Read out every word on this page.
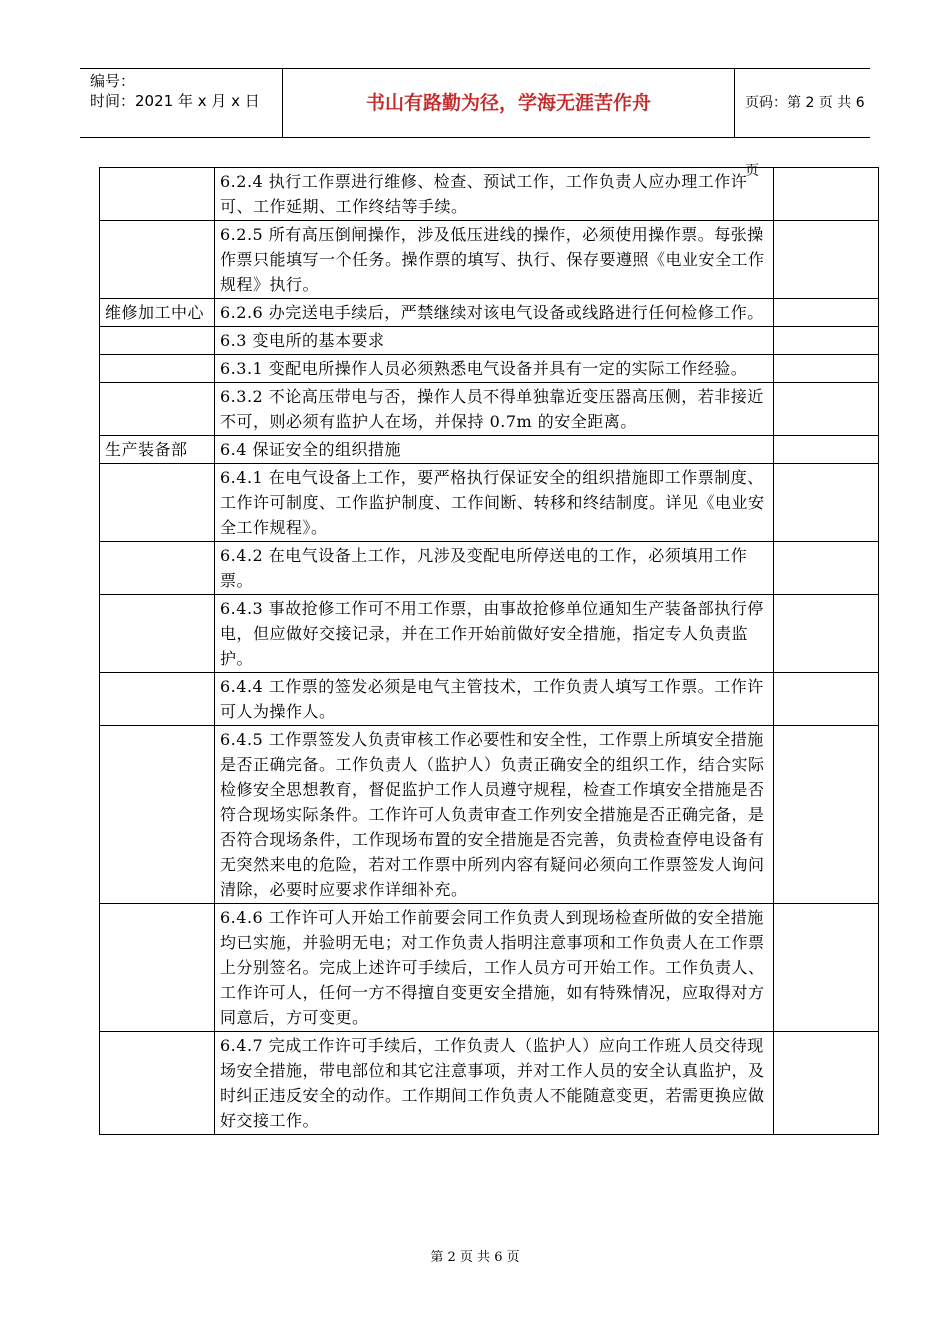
编号：
时间：2021 年 x 月 x 日	书山有路勤为径，学海无涯苦作舟	页码：第 2 页 共 6 页
	6.2.4 执行工作票进行维修、检查、预试工作，工作负责人应办理工作许可、工作延期、工作终结等手续。	
	6.2.5 所有高压倒闸操作，涉及低压进线的操作，必须使用操作票。每张操作票只能填写一个任务。操作票的填写、执行、保存要遵照《电业安全工作规程》执行。	
维修加工中心	6.2.6 办完送电手续后，严禁继续对该电气设备或线路进行任何检修工作。	
	6.3 变电所的基本要求	
	6.3.1 变配电所操作人员必须熟悉电气设备并具有一定的实际工作经验。	
	6.3.2 不论高压带电与否，操作人员不得单独靠近变压器高压侧，若非接近不可，则必须有监护人在场，并保持 0.7m 的安全距离。	
生产装备部	6.4 保证安全的组织措施	
	6.4.1 在电气设备上工作，要严格执行保证安全的组织措施即工作票制度、工作许可制度、工作监护制度、工作间断、转移和终结制度。详见《电业安全工作规程》。	
	6.4.2 在电气设备上工作，凡涉及变配电所停送电的工作，必须填用工作票。	
	6.4.3 事故抢修工作可不用工作票，由事故抢修单位通知生产装备部执行停电，但应做好交接记录，并在工作开始前做好安全措施，指定专人负责监护。	
	6.4.4 工作票的签发必须是电气主管技术，工作负责人填写工作票。工作许可人为操作人。	
	6.4.5 工作票签发人负责审核工作必要性和安全性，工作票上所填安全措施是否正确完备。工作负责人（监护人）负责正确安全的组织工作，结合实际检修安全思想教育，督促监护工作人员遵守规程，检查工作填安全措施是否符合现场实际条件。工作许可人负责审查工作列安全措施是否正确完备，是否符合现场条件，工作现场布置的安全措施是否完善，负责检查停电设备有无突然来电的危险，若对工作票中所列内容有疑问必须向工作票签发人询问清除，必要时应要求作详细补充。	
	6.4.6 工作许可人开始工作前要会同工作负责人到现场检查所做的安全措施均已实施，并验明无电；对工作负责人指明注意事项和工作负责人在工作票上分别签名。完成上述许可手续后，工作人员方可开始工作。工作负责人、工作许可人，任何一方不得擅自变更安全措施，如有特殊情况，应取得对方同意后，方可变更。	
	6.4.7 完成工作许可手续后，工作负责人（监护人）应向工作班人员交待现场安全措施，带电部位和其它注意事项，并对工作人员的安全认真监护，及时纠正违反安全的动作。工作期间工作负责人不能随意变更，若需更换应做好交接工作。	
第 2 页 共 6 页
